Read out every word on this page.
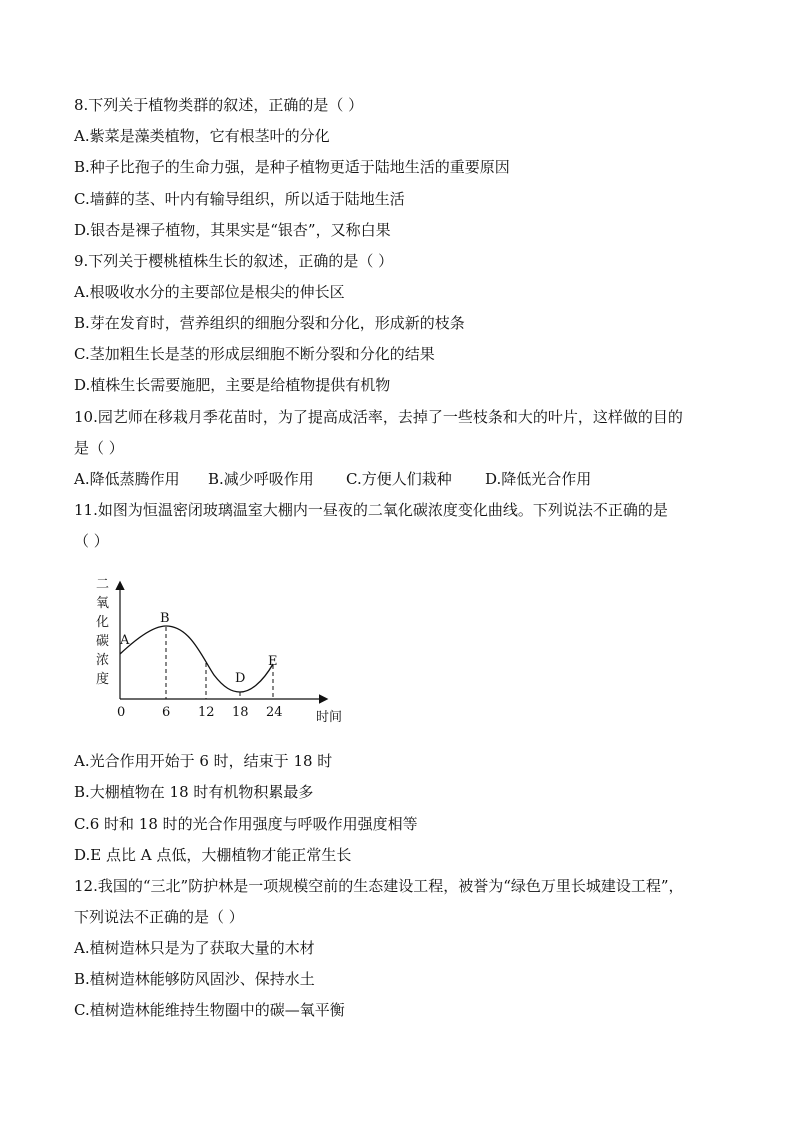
8.下列关于植物类群的叙述，正确的是（ ）
A.紫菜是藻类植物，它有根茎叶的分化
B.种子比孢子的生命力强，是种子植物更适于陆地生活的重要原因
C.墙藓的茎、叶内有输导组织，所以适于陆地生活
D.银杏是裸子植物，其果实是“银杏”，又称白果
9.下列关于樱桃植株生长的叙述，正确的是（ ）
A.根吸收水分的主要部位是根尖的伸长区
B.芽在发育时，营养组织的细胞分裂和分化，形成新的枝条
C.茎加粗生长是茎的形成层细胞不断分裂和分化的结果
D.植株生长需要施肥，主要是给植物提供有机物
10.园艺师在移栽月季花苗时，为了提高成活率，去掉了一些枝条和大的叶片，这样做的目的
是（ ）
A.降低蒸腾作用	B.减少呼吸作用	C.方便人们栽种	D.降低光合作用
11.如图为恒温密闭玻璃温室大棚内一昼夜的二氧化碳浓度变化曲线。下列说法不正确的是
（ ）
二
氧
化
碳
浓
度
A
B
D
E
0	6 12 18 24	时间
A.光合作用开始于 6 时，结束于 18 时
B.大棚植物在 18 时有机物积累最多
C.6 时和 18 时的光合作用强度与呼吸作用强度相等
D.E 点比 A 点低，大棚植物才能正常生长
12.我国的“三北”防护林是一项规模空前的生态建设工程，被誉为“绿色万里长城建设工程”，
下列说法不正确的是（ ）
A.植树造林只是为了获取大量的木材
B.植树造林能够防风固沙、保持水土
C.植树造林能维持生物圈中的碳—氧平衡
